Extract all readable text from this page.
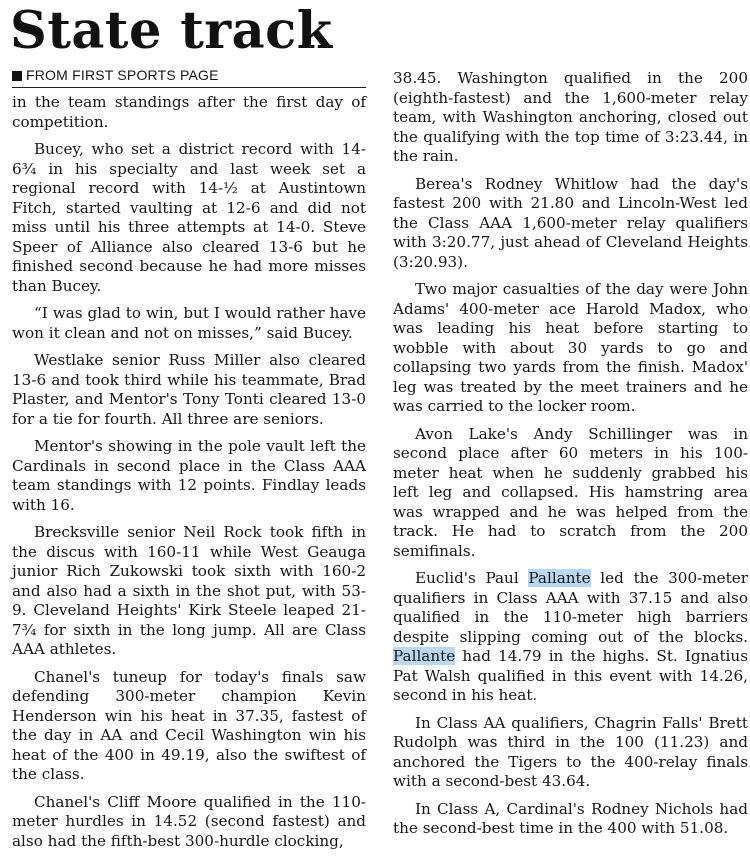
State track
FROM FIRST SPORTS PAGE

in the team standings after the first day of competition.

Bucey, who set a district record with 14-6¾ in his specialty and last week set a regional record with 14-½ at Austintown Fitch, started vaulting at 12-6 and did not miss until his three attempts at 14-0. Steve Speer of Alliance also cleared 13-6 but he finished second because he had more misses than Bucey.

“I was glad to win, but I would rather have won it clean and not on misses,” said Bucey.

Westlake senior Russ Miller also cleared 13-6 and took third while his teammate, Brad Plaster, and Mentor's Tony Tonti cleared 13-0 for a tie for fourth. All three are seniors.

Mentor's showing in the pole vault left the Cardinals in second place in the Class AAA team standings with 12 points. Findlay leads with 16.

Brecksville senior Neil Rock took fifth in the discus with 160-11 while West Geauga junior Rich Zukowski took sixth with 160-2 and also had a sixth in the shot put, with 53-9. Cleveland Heights' Kirk Steele leaped 21-7¾ for sixth in the long jump. All are Class AAA athletes.

Chanel's tuneup for today's finals saw defending 300-meter champion Kevin Henderson win his heat in 37.35, fastest of the day in AA and Cecil Washington win his heat of the 400 in 49.19, also the swiftest of the class.

Chanel's Cliff Moore qualified in the 110-meter hurdles in 14.52 (second fastest) and also had the fifth-best 300-hurdle clocking,

38.45. Washington qualified in the 200 (eighth-fastest) and the 1,600-meter relay team, with Washington anchoring, closed out the qualifying with the top time of 3:23.44, in the rain.

Berea's Rodney Whitlow had the day's fastest 200 with 21.80 and Lincoln-West led the Class AAA 1,600-meter relay qualifiers with 3:20.77, just ahead of Cleveland Heights (3:20.93).

Two major casualties of the day were John Adams' 400-meter ace Harold Madox, who was leading his heat before starting to wobble with about 30 yards to go and collapsing two yards from the finish. Madox' leg was treated by the meet trainers and he was carried to the locker room.

Avon Lake's Andy Schillinger was in second place after 60 meters in his 100-meter heat when he suddenly grabbed his left leg and collapsed. His hamstring area was wrapped and he was helped from the track. He had to scratch from the 200 semifinals.

Euclid's Paul Pallante led the 300-meter qualifiers in Class AAA with 37.15 and also qualified in the 110-meter high barriers despite slipping coming out of the blocks. Pallante had 14.79 in the highs. St. Ignatius Pat Walsh qualified in this event with 14.26, second in his heat.

In Class AA qualifiers, Chagrin Falls' Brett Rudolph was third in the 100 (11.23) and anchored the Tigers to the 400-relay finals with a second-best 43.64.

In Class A, Cardinal's Rodney Nichols had the second-best time in the 400 with 51.08.
